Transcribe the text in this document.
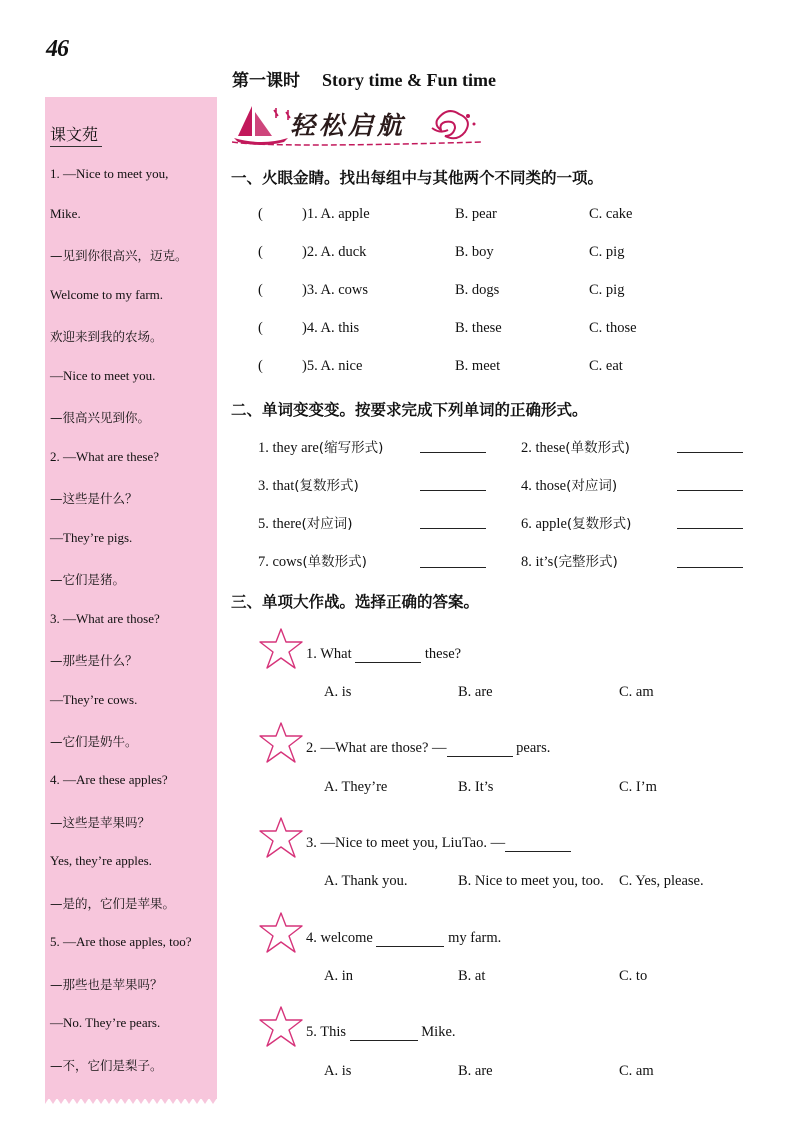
46
第一课时 Story time & Fun time
课文苑
1. —Nice to meet you,
Mike.
—见到你很高兴，迈克。
Welcome to my farm.
欢迎来到我的农场。
—Nice to meet you.
—很高兴见到你。
2. —What are these?
—这些是什么？
—They’re pigs.
—它们是猪。
3. —What are those?
—那些是什么？
—They’re cows.
—它们是奶牛。
4. —Are these apples?
—这些是苹果吗？
Yes, they’re apples.
—是的，它们是苹果。
5. —Are those apples, too?
—那些也是苹果吗？
—No. They’re pears.
—不，它们是梨子。
轻松启航
一、火眼金睛。找出每组中与其他两个不同类的一项。
(	)1. A. apple	B. pear	C. cake
(	)2. A. duck	B. boy	C. pig
(	)3. A. cows	B. dogs	C. pig
(	)4. A. this	B. these	C. those
(	)5. A. nice	B. meet	C. eat
二、单词变变变。按要求完成下列单词的正确形式。
1. they are(缩写形式)	2. these(单数形式)
3. that(复数形式)	4. those(对应词)
5. there(对应词)	6. apple(复数形式)
7. cows(单数形式)	8. it’s(完整形式)
三、单项大作战。选择正确的答案。
1. What	these?
A. is	B. are	C. am
2. —What are those? —	pears.
A. They’re	B. It’s	C. I’m
3. —Nice to meet you, LiuTao. —
A. Thank you.	B. Nice to meet you, too. C. Yes, please.
4. welcome	my farm.
A. in	B. at	C. to
5. This	Mike.
A. is	B. are	C. am
